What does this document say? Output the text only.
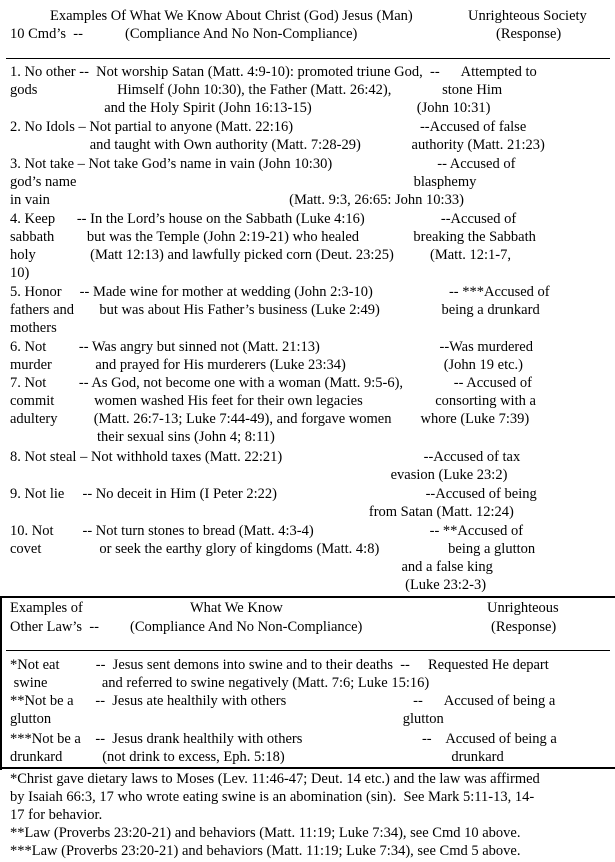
Examples Of What We Know About Christ (God) Jesus (Man)	Unrighteous Society
10 Cmd’s  --	(Compliance And No Non-Compliance)	(Response)
1. No other --  Not worship Satan (Matt. 4:9-10): promoted triune God,  --      Attempted to
gods                      Himself (John 10:30), the Father (Matt. 26:42),              stone Him
and the Holy Spirit (John 16:13-15)                             (John 10:31)
2. No Idols – Not partial to anyone (Matt. 22:16)                                   --Accused of false
and taught with Own authority (Matt. 7:28-29)              authority (Matt. 21:23)
3. Not take – Not take God’s name in vain (John 10:30)                             -- Accused of
god’s name                                                                                             blasphemy
in vain                                                                  (Matt. 9:3, 26:65: John 10:33)
4. Keep      -- In the Lord’s house on the Sabbath (Luke 4:16)                     --Accused of
sabbath         but was the Temple (John 2:19-21) who healed               breaking the Sabbath
holy               (Matt 12:13) and lawfully picked corn (Deut. 23:25)          (Matt. 12:1-7,
10)
5. Honor     -- Made wine for mother at wedding (John 2:3-10)                     -- ***Accused of
fathers and       but was about His Father’s business (Luke 2:49)                 being a drunkard
mothers
6. Not         -- Was angry but sinned not (Matt. 21:13)                                 --Was murdered
murder            and prayed for His murderers (Luke 23:34)                           (John 19 etc.)
7. Not         -- As God, not become one with a woman (Matt. 9:5-6),              -- Accused of
commit           women washed His feet for their own legacies                    consorting with a
adultery          (Matt. 26:7-13; Luke 7:44-49), and forgave women        whore (Luke 7:39)
their sexual sins (John 4; 8:11)
8. Not steal – Not withhold taxes (Matt. 22:21)                                       --Accused of tax
evasion (Luke 23:2)
9. Not lie     -- No deceit in Him (I Peter 2:22)                                         --Accused of being
from Satan (Matt. 12:24)
10. Not        -- Not turn stones to bread (Matt. 4:3-4)                                -- **Accused of
covet                or seek the earthy glory of kingdoms (Matt. 4:8)                   being a glutton
and a false king
(Luke 23:2-3)
Examples of	What We Know	Unrighteous
Other Law’s  -- (Compliance And No Non-Compliance)	(Response)
*Not eat          --  Jesus sent demons into swine and to their deaths  --     Requested He depart
swine               and referred to swine negatively (Matt. 7:6; Luke 15:16)
**Not be a      --  Jesus ate healthily with others                                   --      Accused of being a
glutton                                                                                                 glutton
***Not be a    --  Jesus drank healthily with others                                 --    Accused of being a
drunkard           (not drink to excess, Eph. 5:18)                                              drunkard
*Christ gave dietary laws to Moses (Lev. 11:46-47; Deut. 14 etc.) and the law was affirmed
by Isaiah 66:3, 17 who wrote eating swine is an abomination (sin).  See Mark 5:11-13, 14-
17 for behavior.
**Law (Proverbs 23:20-21) and behaviors (Matt. 11:19; Luke 7:34), see Cmd 10 above.
***Law (Proverbs 23:20-21) and behaviors (Matt. 11:19; Luke 7:34), see Cmd 5 above.
